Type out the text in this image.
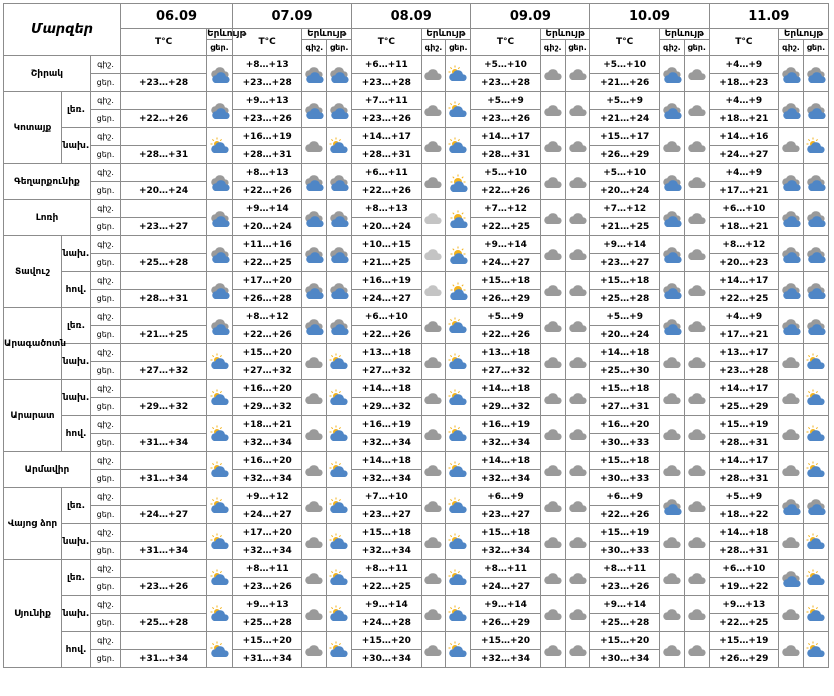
Մարզեր			06.09		07.09			08.09			09.09			10.09			11.09		
			T°C	Երևույթ	T°C	Երևույթ		T°C	Երևույթ		T°C	Երևույթ		T°C	Երևույթ		T°C	Երևույթ	
				ցեր.		գիշ.	ցեր.		գիշ.	ցեր.		գիշ.	ցեր.		գիշ.	ցեր.		գիշ.	ցեր.
Շիրակ		գիշ.			+8…+13			+6…+11			+5…+10			+5…+10			+4…+9		
		ցեր.	+23…+28		+23…+28			+23…+28			+23…+28			+21…+26			+18…+23		
Կոտայք	լեռ.	գիշ.			+9…+13			+7…+11			+5…+9			+5…+9			+4…+9		
		ցեր.	+22…+26		+23…+26			+23…+26			+23…+26			+21…+24			+18…+21		
	նախ.	գիշ.			+16…+19			+14…+17			+14…+17			+15…+17			+14…+16		
		ցեր.	+28…+31		+28…+31			+28…+31			+28…+31			+26…+29			+24…+27		
Գեղարքունիք		գիշ.			+8…+13			+6…+11			+5…+10			+5…+10			+4…+9		
		ցեր.	+20…+24		+22…+26			+22…+26			+22…+26			+20…+24			+17…+21		
Լոռի		գիշ.			+9…+14			+8…+13			+7…+12			+7…+12			+6…+10		
		ցեր.	+23…+27		+20…+24			+20…+24			+22…+25			+21…+25			+18…+21		
Տավուշ	նախ.	գիշ.			+11…+16			+10…+15			+9…+14			+9…+14			+8…+12		
		ցեր.	+25…+28		+22…+25			+21…+25			+24…+27			+23…+27			+20…+23		
	հով.	գիշ.			+17…+20			+16…+19			+15…+18			+15…+18			+14…+17		
		ցեր.	+28…+31		+26…+28			+24…+27			+26…+29			+25…+28			+22…+25		
Արագածոտն	լեռ.	գիշ.			+8…+12			+6…+10			+5…+9			+5…+9			+4…+9		
		ցեր.	+21…+25		+22…+26			+22…+26			+22…+26			+20…+24			+17…+21		
	նախ.	գիշ.			+15…+20			+13…+18			+13…+18			+14…+18			+13…+17		
		ցեր.	+27…+32		+27…+32			+27…+32			+27…+32			+25…+30			+23…+28		
Արարատ	նախ.	գիշ.			+16…+20			+14…+18			+14…+18			+15…+18			+14…+17		
		ցեր.	+29…+32		+29…+32			+29…+32			+29…+32			+27…+31			+25…+29		
	հով.	գիշ.			+18…+21			+16…+19			+16…+19			+16…+20			+15…+19		
		ցեր.	+31…+34		+32…+34			+32…+34			+32…+34			+30…+33			+28…+31		
Արմավիր		գիշ.			+16…+20			+14…+18			+14…+18			+15…+18			+14…+17		
		ցեր.	+31…+34		+32…+34			+32…+34			+32…+34			+30…+33			+28…+31		
Վայոց ձոր	լեռ.	գիշ.			+9…+12			+7…+10			+6…+9			+6…+9			+5…+9		
		ցեր.	+24…+27		+24…+27			+23…+27			+23…+27			+22…+26			+18…+22		
	նախ.	գիշ.			+17…+20			+15…+18			+15…+18			+15…+19			+14…+18		
		ցեր.	+31…+34		+32…+34			+32…+34			+32…+34			+30…+33			+28…+31		
Սյունիք	լեռ.	գիշ.			+8…+11			+8…+11			+8…+11			+8…+11			+6…+10		
		ցեր.	+23…+26		+23…+26			+22…+25			+24…+27			+23…+26			+19…+22		
	նախ.	գիշ.			+9…+13			+9…+14			+9…+14			+9…+14			+9…+13		
		ցեր.	+25…+28		+25…+28			+24…+28			+26…+29			+25…+28			+22…+25		
	հով.	գիշ.			+15…+20			+15…+20			+15…+20			+15…+20			+15…+19		
		ցեր.	+31…+34		+31…+34			+30…+34			+32…+34			+30…+34			+26…+29		
